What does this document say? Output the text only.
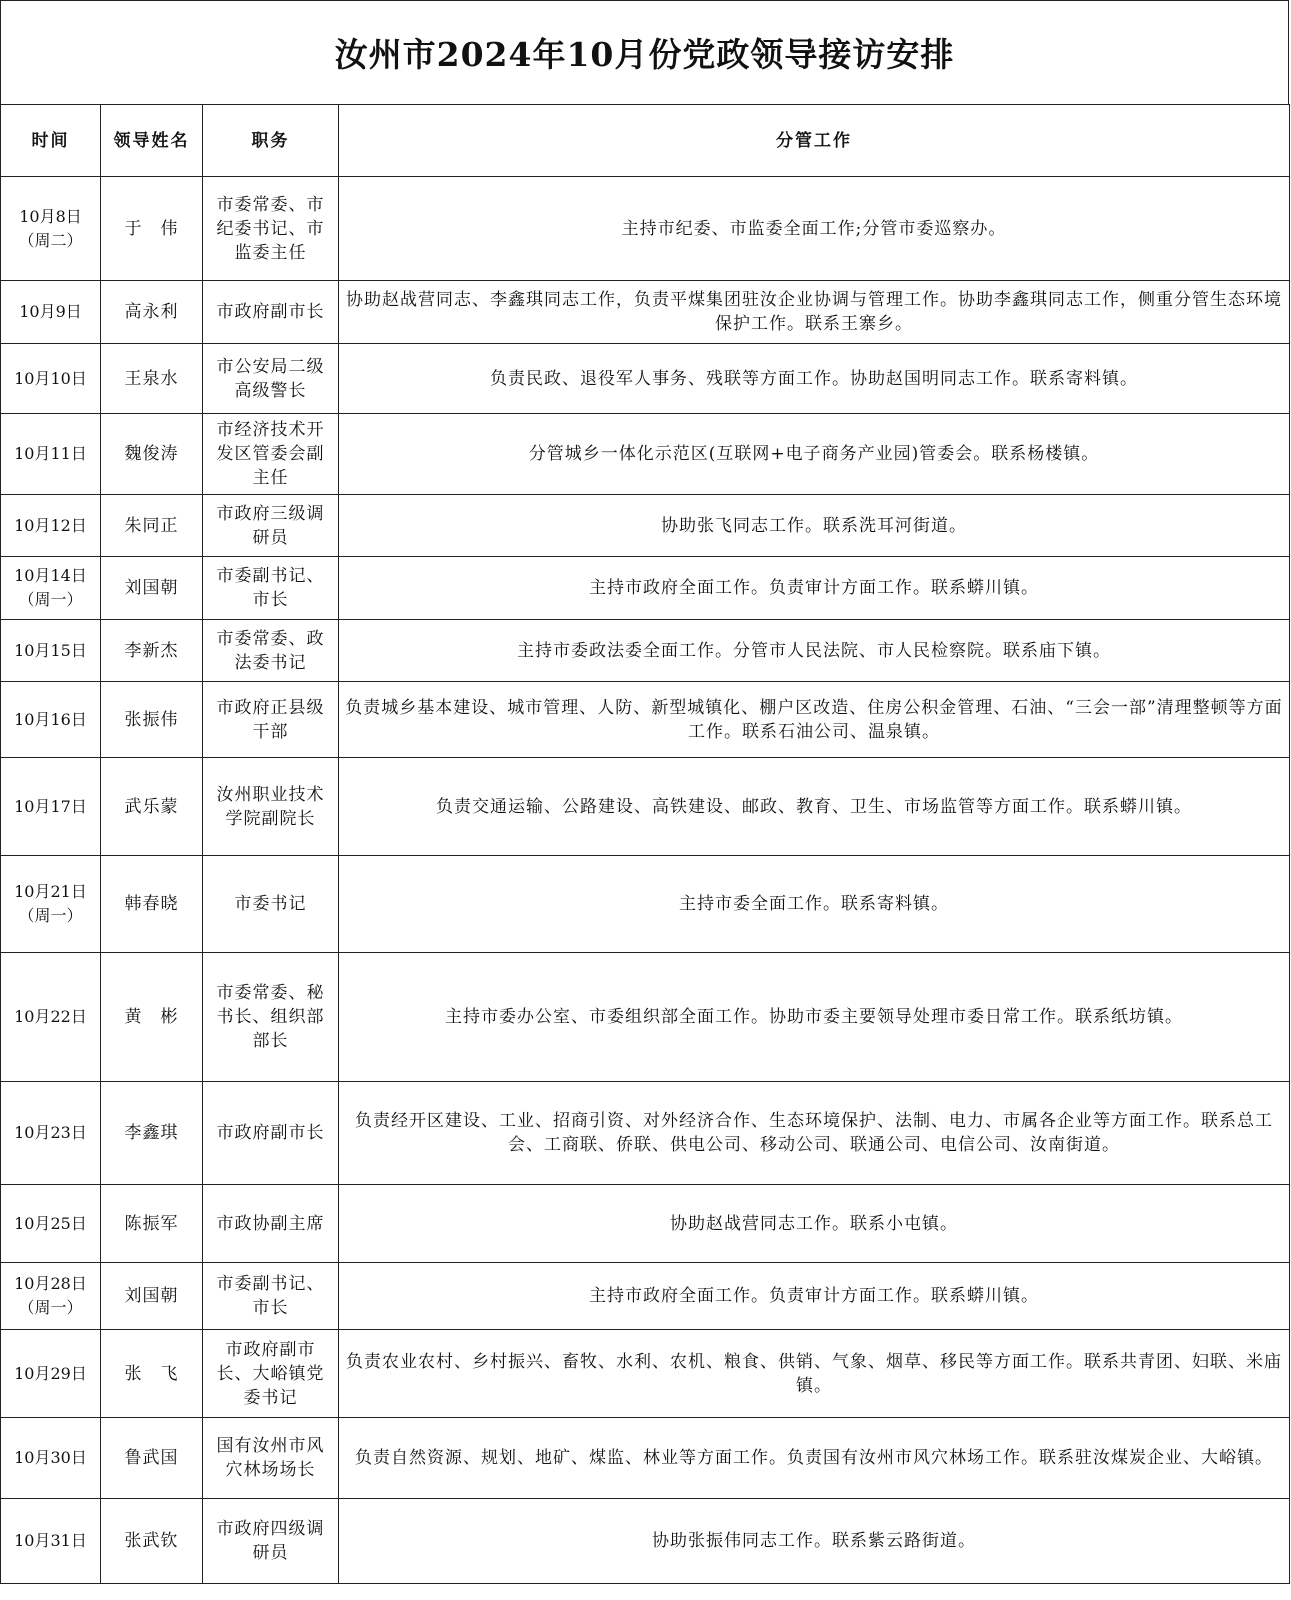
汝州市2024年10月份党政领导接访安排
时间	领导姓名	职务	分管工作

10月8日
（周二）	于　伟	市委常委、市纪委书记、市监委主任	主持市纪委、市监委全面工作;分管市委巡察办。

10月9日	高永利	市政府副市长	协助赵战营同志、李鑫琪同志工作，负责平煤集团驻汝企业协调与管理工作。协助李鑫琪同志工作，侧重分管生态环境保护工作。联系王寨乡。

10月10日	王泉水	市公安局二级高级警长	负责民政、退役军人事务、残联等方面工作。协助赵国明同志工作。联系寄料镇。

10月11日	魏俊涛	市经济技术开发区管委会副主任	分管城乡一体化示范区(互联网+电子商务产业园)管委会。联系杨楼镇。

10月12日	朱同正	市政府三级调研员	协助张飞同志工作。联系洗耳河街道。

10月14日
（周一）	刘国朝	市委副书记、市长	主持市政府全面工作。负责审计方面工作。联系蟒川镇。

10月15日	李新杰	市委常委、政法委书记	主持市委政法委全面工作。分管市人民法院、市人民检察院。联系庙下镇。

10月16日	张振伟	市政府正县级干部	负责城乡基本建设、城市管理、人防、新型城镇化、棚户区改造、住房公积金管理、石油、“三会一部”清理整顿等方面工作。联系石油公司、温泉镇。

10月17日	武乐蒙	汝州职业技术学院副院长	负责交通运输、公路建设、高铁建设、邮政、教育、卫生、市场监管等方面工作。联系蟒川镇。

10月21日
（周一）	韩春晓	市委书记	主持市委全面工作。联系寄料镇。

10月22日	黄　彬	市委常委、秘书长、组织部部长	主持市委办公室、市委组织部全面工作。协助市委主要领导处理市委日常工作。联系纸坊镇。

10月23日	李鑫琪	市政府副市长	负责经开区建设、工业、招商引资、对外经济合作、生态环境保护、法制、电力、市属各企业等方面工作。联系总工会、工商联、侨联、供电公司、移动公司、联通公司、电信公司、汝南街道。

10月25日	陈振军	市政协副主席	协助赵战营同志工作。联系小屯镇。

10月28日
（周一）	刘国朝	市委副书记、市长	主持市政府全面工作。负责审计方面工作。联系蟒川镇。

10月29日	张　飞	市政府副市长、大峪镇党委书记	负责农业农村、乡村振兴、畜牧、水利、农机、粮食、供销、气象、烟草、移民等方面工作。联系共青团、妇联、米庙镇。

10月30日	鲁武国	国有汝州市风穴林场场长	负责自然资源、规划、地矿、煤监、林业等方面工作。负责国有汝州市风穴林场工作。联系驻汝煤炭企业、大峪镇。

10月31日	张武钦	市政府四级调研员	协助张振伟同志工作。联系紫云路街道。
